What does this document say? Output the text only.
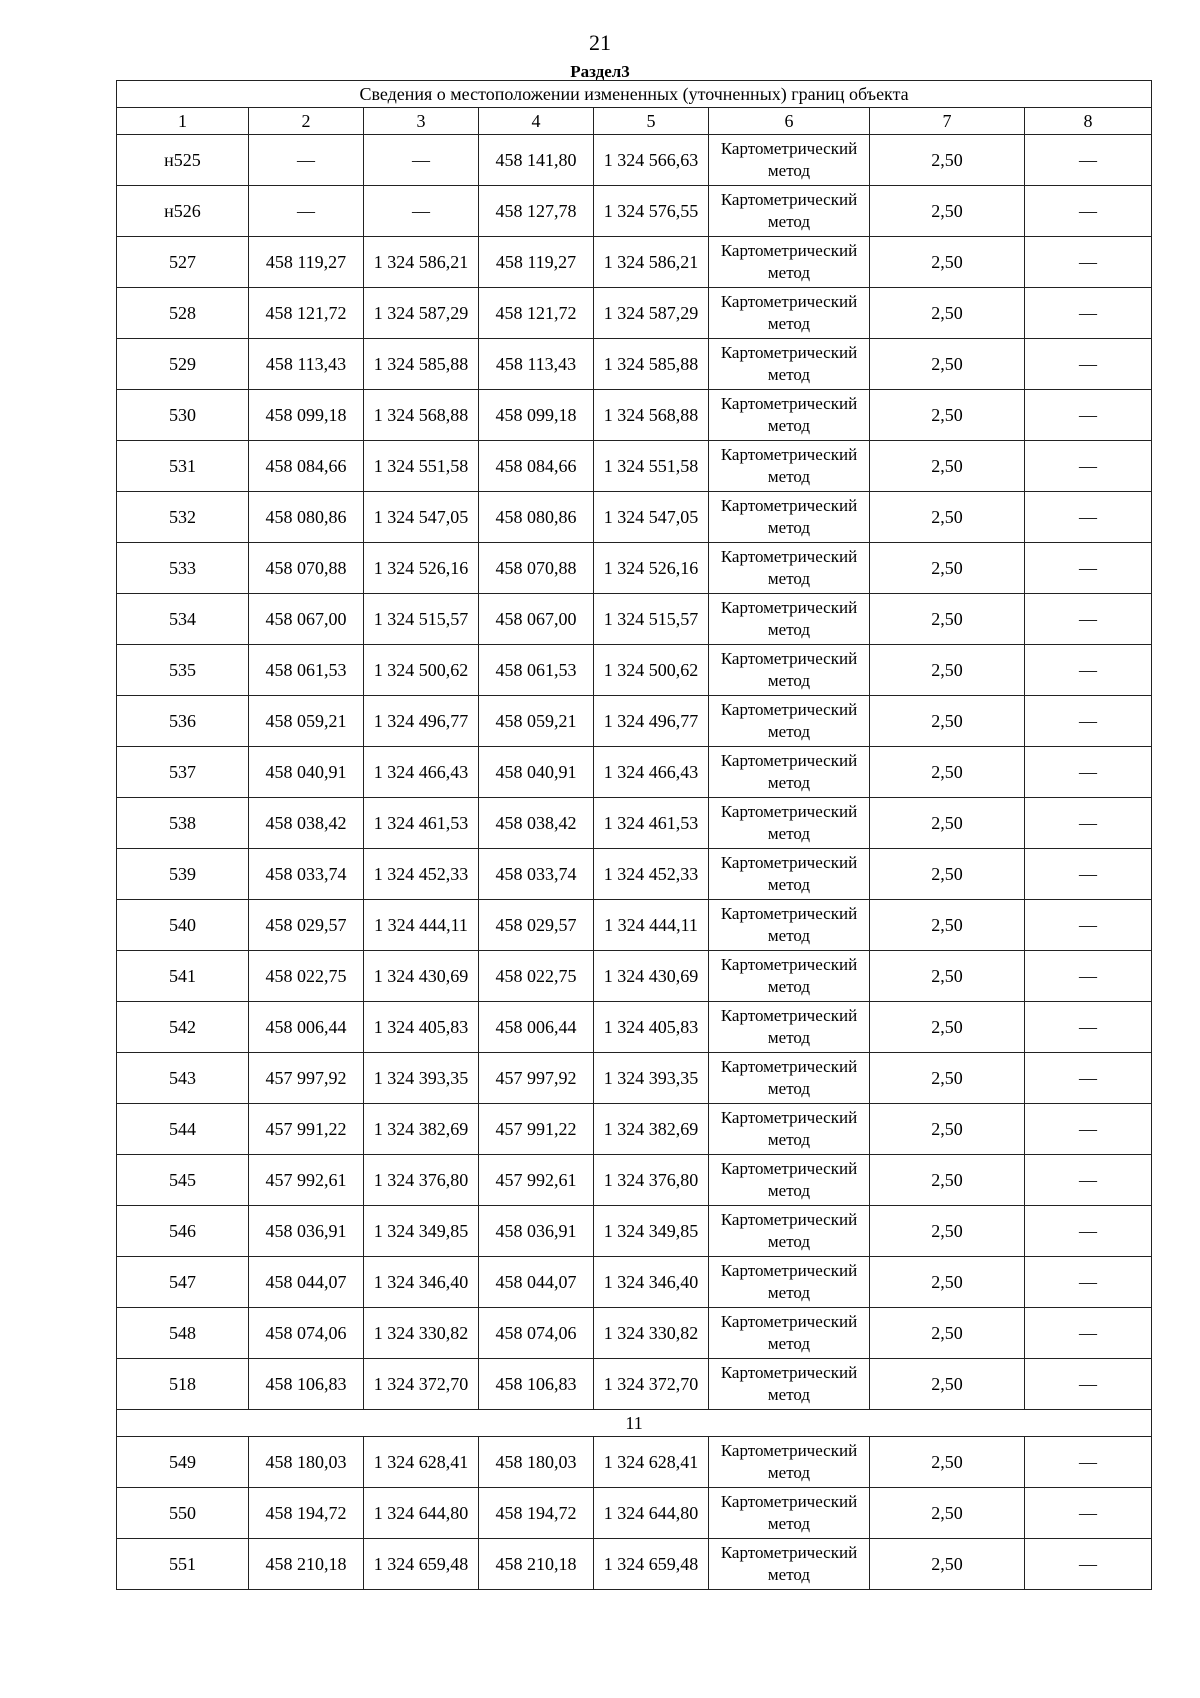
21
Раздел3
Сведения о местоположении измененных (уточненных) границ объекта							
1	2	3	4	5	6	7	8
н525	—	—	458 141,80	1 324 566,63	Картометрический метод	2,50	—
н526	—	—	458 127,78	1 324 576,55	Картометрический метод	2,50	—
527	458 119,27	1 324 586,21	458 119,27	1 324 586,21	Картометрический метод	2,50	—
528	458 121,72	1 324 587,29	458 121,72	1 324 587,29	Картометрический метод	2,50	—
529	458 113,43	1 324 585,88	458 113,43	1 324 585,88	Картометрический метод	2,50	—
530	458 099,18	1 324 568,88	458 099,18	1 324 568,88	Картометрический метод	2,50	—
531	458 084,66	1 324 551,58	458 084,66	1 324 551,58	Картометрический метод	2,50	—
532	458 080,86	1 324 547,05	458 080,86	1 324 547,05	Картометрический метод	2,50	—
533	458 070,88	1 324 526,16	458 070,88	1 324 526,16	Картометрический метод	2,50	—
534	458 067,00	1 324 515,57	458 067,00	1 324 515,57	Картометрический метод	2,50	—
535	458 061,53	1 324 500,62	458 061,53	1 324 500,62	Картометрический метод	2,50	—
536	458 059,21	1 324 496,77	458 059,21	1 324 496,77	Картометрический метод	2,50	—
537	458 040,91	1 324 466,43	458 040,91	1 324 466,43	Картометрический метод	2,50	—
538	458 038,42	1 324 461,53	458 038,42	1 324 461,53	Картометрический метод	2,50	—
539	458 033,74	1 324 452,33	458 033,74	1 324 452,33	Картометрический метод	2,50	—
540	458 029,57	1 324 444,11	458 029,57	1 324 444,11	Картометрический метод	2,50	—
541	458 022,75	1 324 430,69	458 022,75	1 324 430,69	Картометрический метод	2,50	—
542	458 006,44	1 324 405,83	458 006,44	1 324 405,83	Картометрический метод	2,50	—
543	457 997,92	1 324 393,35	457 997,92	1 324 393,35	Картометрический метод	2,50	—
544	457 991,22	1 324 382,69	457 991,22	1 324 382,69	Картометрический метод	2,50	—
545	457 992,61	1 324 376,80	457 992,61	1 324 376,80	Картометрический метод	2,50	—
546	458 036,91	1 324 349,85	458 036,91	1 324 349,85	Картометрический метод	2,50	—
547	458 044,07	1 324 346,40	458 044,07	1 324 346,40	Картометрический метод	2,50	—
548	458 074,06	1 324 330,82	458 074,06	1 324 330,82	Картометрический метод	2,50	—
518	458 106,83	1 324 372,70	458 106,83	1 324 372,70	Картометрический метод	2,50	—
11							
549	458 180,03	1 324 628,41	458 180,03	1 324 628,41	Картометрический метод	2,50	—
550	458 194,72	1 324 644,80	458 194,72	1 324 644,80	Картометрический метод	2,50	—
551	458 210,18	1 324 659,48	458 210,18	1 324 659,48	Картометрический метод	2,50	—
